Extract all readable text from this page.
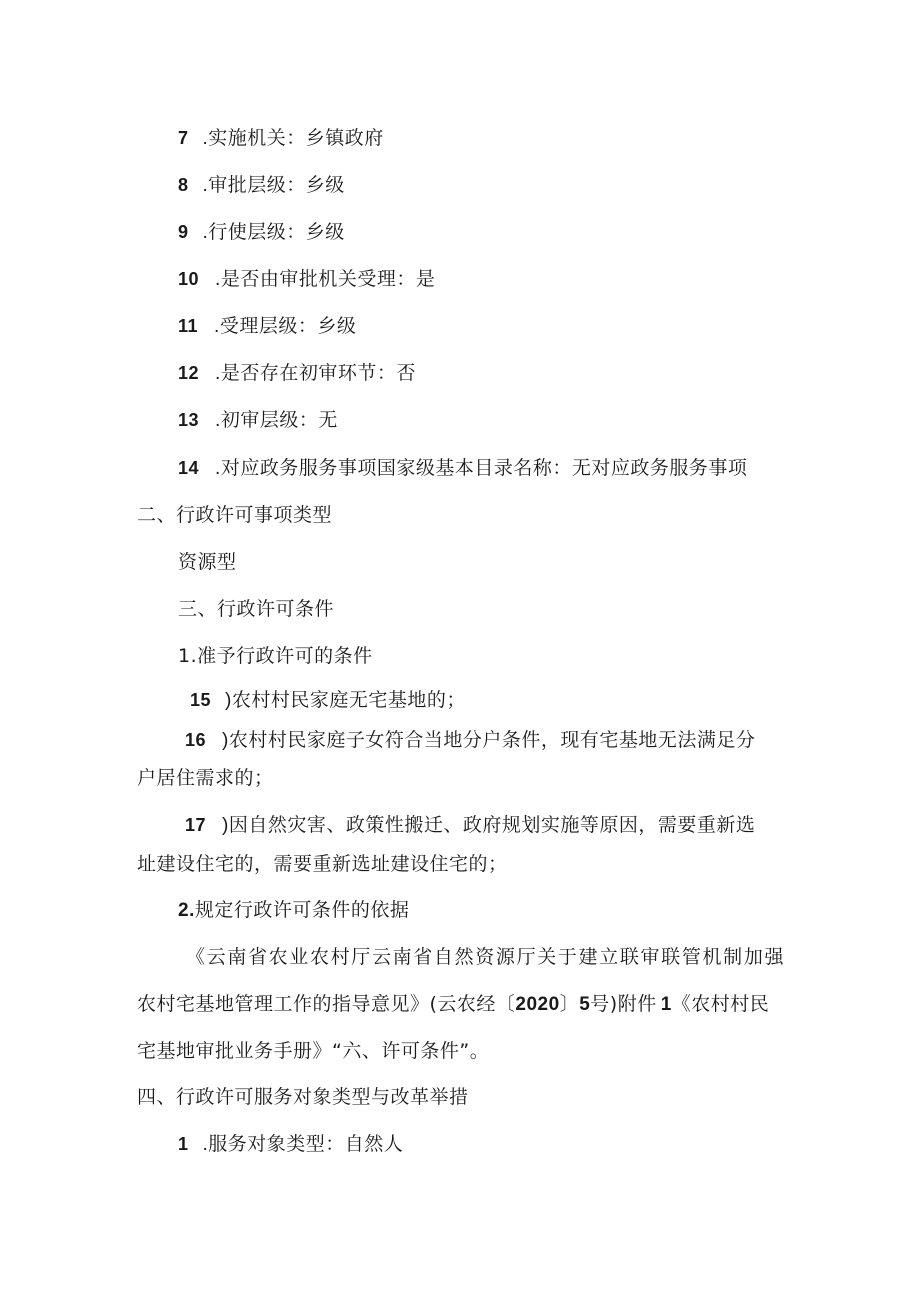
7 .实施机关：乡镇政府
8 .审批层级：乡级
9 .行使层级：乡级
10 .是否由审批机关受理：是
11 .受理层级：乡级
12 .是否存在初审环节：否
13 .初审层级：无
14 .对应政务服务事项国家级基本目录名称：无对应政务服务事项
二、行政许可事项类型
资源型
三、行政许可条件
1.准予行政许可的条件
15 )农村村民家庭无宅基地的；
16 )农村村民家庭子女符合当地分户条件，现有宅基地无法满足分
户居住需求的；
17 )因自然灾害、政策性搬迁、政府规划实施等原因，需要重新选
址建设住宅的，需要重新选址建设住宅的；
2.规定行政许可条件的依据
《云南省农业农村厅云南省自然资源厅关于建立联审联管机制加强
农村宅基地管理工作的指导意见》(云农经〔2020〕5号)附件 1《农村村民
宅基地审批业务手册》“六、许可条件”。
四、行政许可服务对象类型与改革举措
1 .服务对象类型：自然人
